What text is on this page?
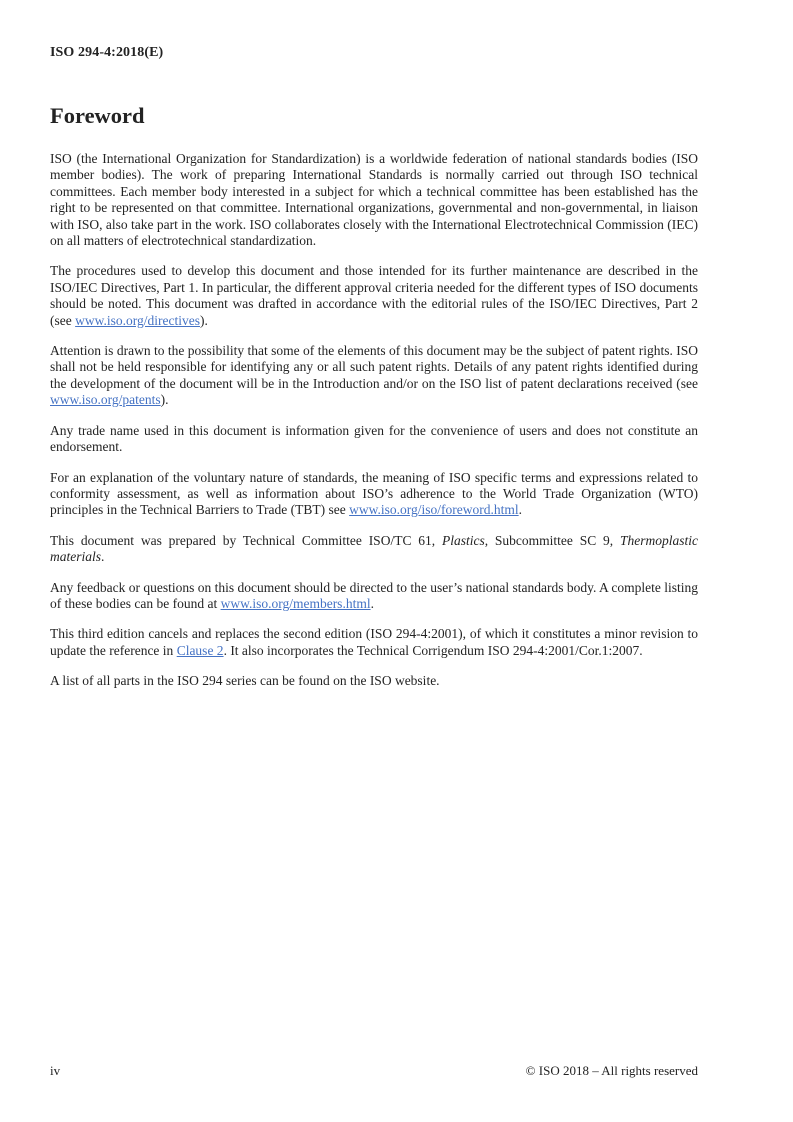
ISO 294-4:2018(E)
Foreword

ISO (the International Organization for Standardization) is a worldwide federation of national standards bodies (ISO member bodies). The work of preparing International Standards is normally carried out through ISO technical committees. Each member body interested in a subject for which a technical committee has been established has the right to be represented on that committee. International organizations, governmental and non-governmental, in liaison with ISO, also take part in the work. ISO collaborates closely with the International Electrotechnical Commission (IEC) on all matters of electrotechnical standardization.

The procedures used to develop this document and those intended for its further maintenance are described in the ISO/IEC Directives, Part 1. In particular, the different approval criteria needed for the different types of ISO documents should be noted. This document was drafted in accordance with the editorial rules of the ISO/IEC Directives, Part 2 (see www.iso.org/directives).

Attention is drawn to the possibility that some of the elements of this document may be the subject of patent rights. ISO shall not be held responsible for identifying any or all such patent rights. Details of any patent rights identified during the development of the document will be in the Introduction and/or on the ISO list of patent declarations received (see www.iso.org/patents).

Any trade name used in this document is information given for the convenience of users and does not constitute an endorsement.

For an explanation of the voluntary nature of standards, the meaning of ISO specific terms and expressions related to conformity assessment, as well as information about ISO’s adherence to the World Trade Organization (WTO) principles in the Technical Barriers to Trade (TBT) see www.iso.org/iso/foreword.html.

This document was prepared by Technical Committee ISO/TC 61, Plastics, Subcommittee SC 9, Thermoplastic materials.

Any feedback or questions on this document should be directed to the user’s national standards body. A complete listing of these bodies can be found at www.iso.org/members.html.

This third edition cancels and replaces the second edition (ISO 294-4:2001), of which it constitutes a minor revision to update the reference in Clause 2. It also incorporates the Technical Corrigendum ISO 294-4:2001/Cor.1:2007.

A list of all parts in the ISO 294 series can be found on the ISO website.

iv	© ISO 2018 – All rights reserved
